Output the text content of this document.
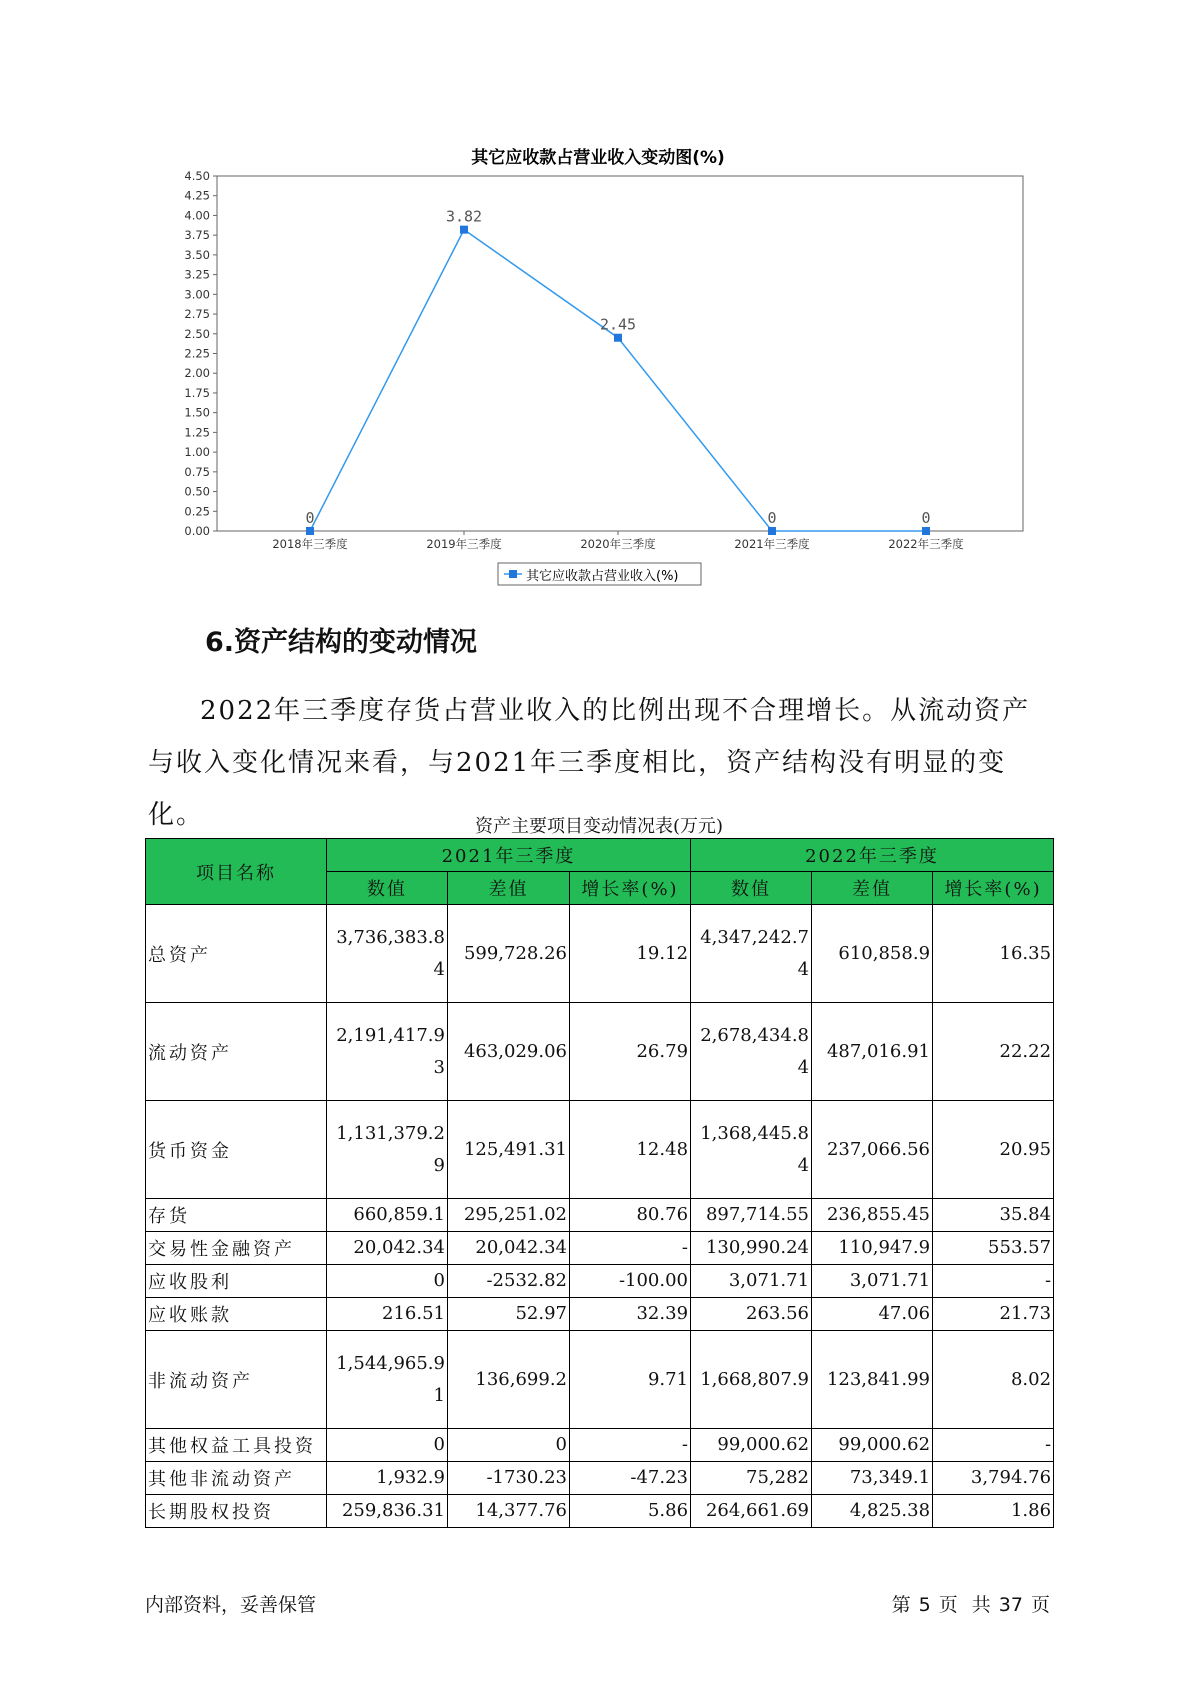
其它应收款占营业收入变动图(%)
0.00
0.25
0.50
0.75
1.00
1.25
1.50
1.75
2.00
2.25
2.50
2.75
3.00
3.25
3.50
3.75
4.00
4.25
4.50
2018年三季度	2019年三季度	2020年三季度	2021年三季度	2022年三季度
0
3.82
2.45
0	0
其它应收款占营业收入(%)
6.资产结构的变动情况

2022年三季度存货占营业收入的比例出现不合理增长。从流动资产与收入变化情况来看，与2021年三季度相比，资产结构没有明显的变化。	资产主要项目变动情况表(万元)
项目名称	2021年三季度			2022年三季度		
	数值	差值	增长率(%)	数值	差值	增长率(%)
总资产	3,736,383.84	599,728.26	19.12	4,347,242.74	610,858.9	16.35
流动资产	2,191,417.93	463,029.06	26.79	2,678,434.84	487,016.91	22.22
货币资金	1,131,379.29	125,491.31	12.48	1,368,445.84	237,066.56	20.95
存货	660,859.1	295,251.02	80.76	897,714.55	236,855.45	35.84
交易性金融资产	20,042.34	20,042.34	-	130,990.24	110,947.9	553.57
应收股利	0	-2532.82	-100.00	3,071.71	3,071.71	-
应收账款	216.51	52.97	32.39	263.56	47.06	21.73
非流动资产	1,544,965.91	136,699.2	9.71	1,668,807.9	123,841.99	8.02
其他权益工具投资	0	0	-	99,000.62	99,000.62	-
其他非流动资产	1,932.9	-1730.23	-47.23	75,282	73,349.1	3,794.76
长期股权投资	259,836.31	14,377.76	5.86	264,661.69	4,825.38	1.86
内部资料，妥善保管	第 5 页 共 37 页
